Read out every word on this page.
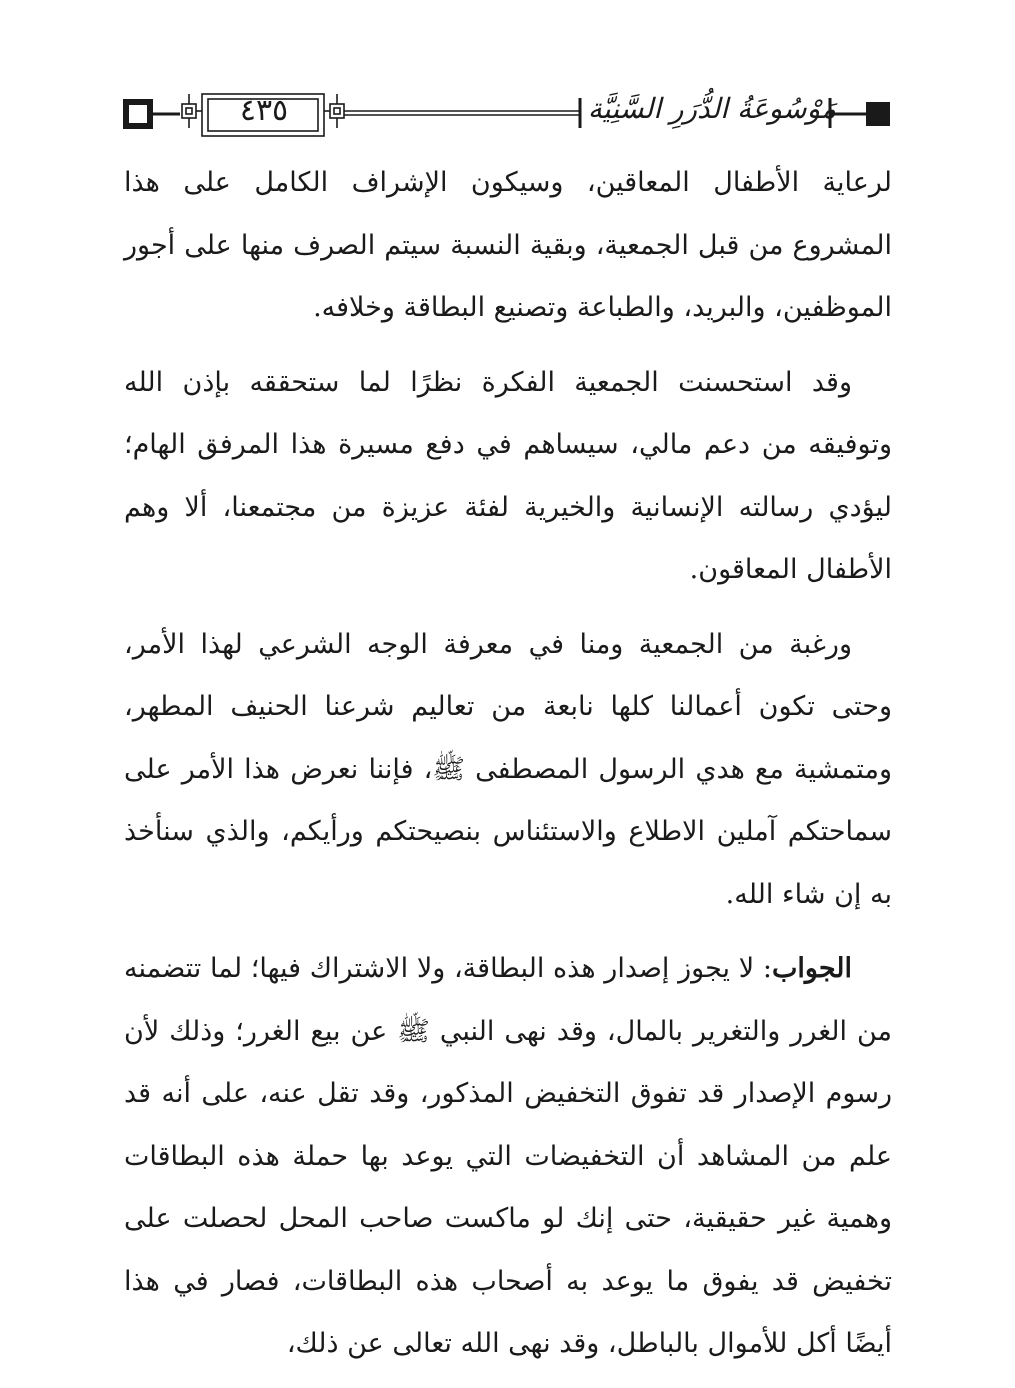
٤٣٥	مَوْسُوعَةُ الدُّرَرِ السَّنِيَّة

لرعاية الأطفال المعاقين، وسيكون الإشراف الكامل على هذا المشروع من قبل الجمعية، وبقية النسبة سيتم الصرف منها على أجور الموظفين، والبريد، والطباعة وتصنيع البطاقة وخلافه.

وقد استحسنت الجمعية الفكرة نظرًا لما ستحققه بإذن الله وتوفيقه من دعم مالي، سيساهم في دفع مسيرة هذا المرفق الهام؛ ليؤدي رسالته الإنسانية والخيرية لفئة عزيزة من مجتمعنا، ألا وهم الأطفال المعاقون.

ورغبة من الجمعية ومنا في معرفة الوجه الشرعي لهذا الأمر، وحتى تكون أعمالنا كلها نابعة من تعاليم شرعنا الحنيف المطهر، ومتمشية مع هدي الرسول المصطفى ﷺ، فإننا نعرض هذا الأمر على سماحتكم آملين الاطلاع والاستئناس بنصيحتكم ورأيكم، والذي سنأخذ به إن شاء الله.

الجواب: لا يجوز إصدار هذه البطاقة، ولا الاشتراك فيها؛ لما تتضمنه من الغرر والتغرير بالمال، وقد نهى النبي ﷺ عن بيع الغرر؛ وذلك لأن رسوم الإصدار قد تفوق التخفيض المذكور، وقد تقل عنه، على أنه قد علم من المشاهد أن التخفيضات التي يوعد بها حملة هذه البطاقات وهمية غير حقيقية، حتى إنك لو ماكست صاحب المحل لحصلت على تخفيض قد يفوق ما يوعد به أصحاب هذه البطاقات، فصار في هذا أيضًا أكل للأموال بالباطل، وقد نهى الله تعالى عن ذلك،
